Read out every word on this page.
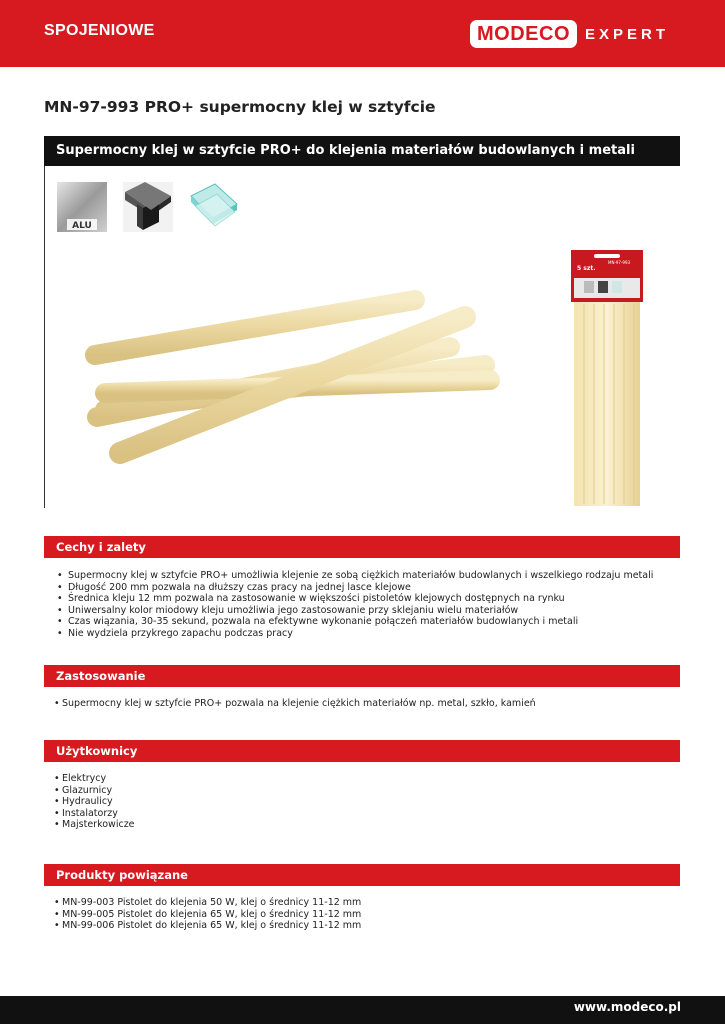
SPOJENIOWE	MODECO	EXPERT
MN-97-993 PRO+ supermocny klej w sztyfcie
Supermocny klej w sztyfcie PRO+ do klejenia materiałów budowlanych i metali
ALU
5 szt.
MN-97-993
Cechy i zalety
• Supermocny klej w sztyfcie PRO+ umożliwia klejenie ze sobą ciężkich materiałów budowlanych i wszelkiego rodzaju metali
• Długość 200 mm pozwala na dłuższy czas pracy na jednej lasce klejowe
• Średnica kleju 12 mm pozwala na zastosowanie w większości pistoletów klejowych dostępnych na rynku
• Uniwersalny kolor miodowy kleju umożliwia jego zastosowanie przy sklejaniu wielu materiałów
• Czas wiązania, 30-35 sekund, pozwala na efektywne wykonanie połączeń materiałów budowlanych i metali
• Nie wydziela przykrego zapachu podczas pracy
Zastosowanie
• Supermocny klej w sztyfcie PRO+ pozwala na klejenie ciężkich materiałów np. metal, szkło, kamień
Użytkownicy
• Elektrycy
• Glazurnicy
• Hydraulicy
• Instalatorzy
• Majsterkowicze
Produkty powiązane
• MN-99-003 Pistolet do klejenia 50 W, klej o średnicy 11-12 mm
• MN-99-005 Pistolet do klejenia 65 W, klej o średnicy 11-12 mm
• MN-99-006 Pistolet do klejenia 65 W, klej o średnicy 11-12 mm
www.modeco.pl
